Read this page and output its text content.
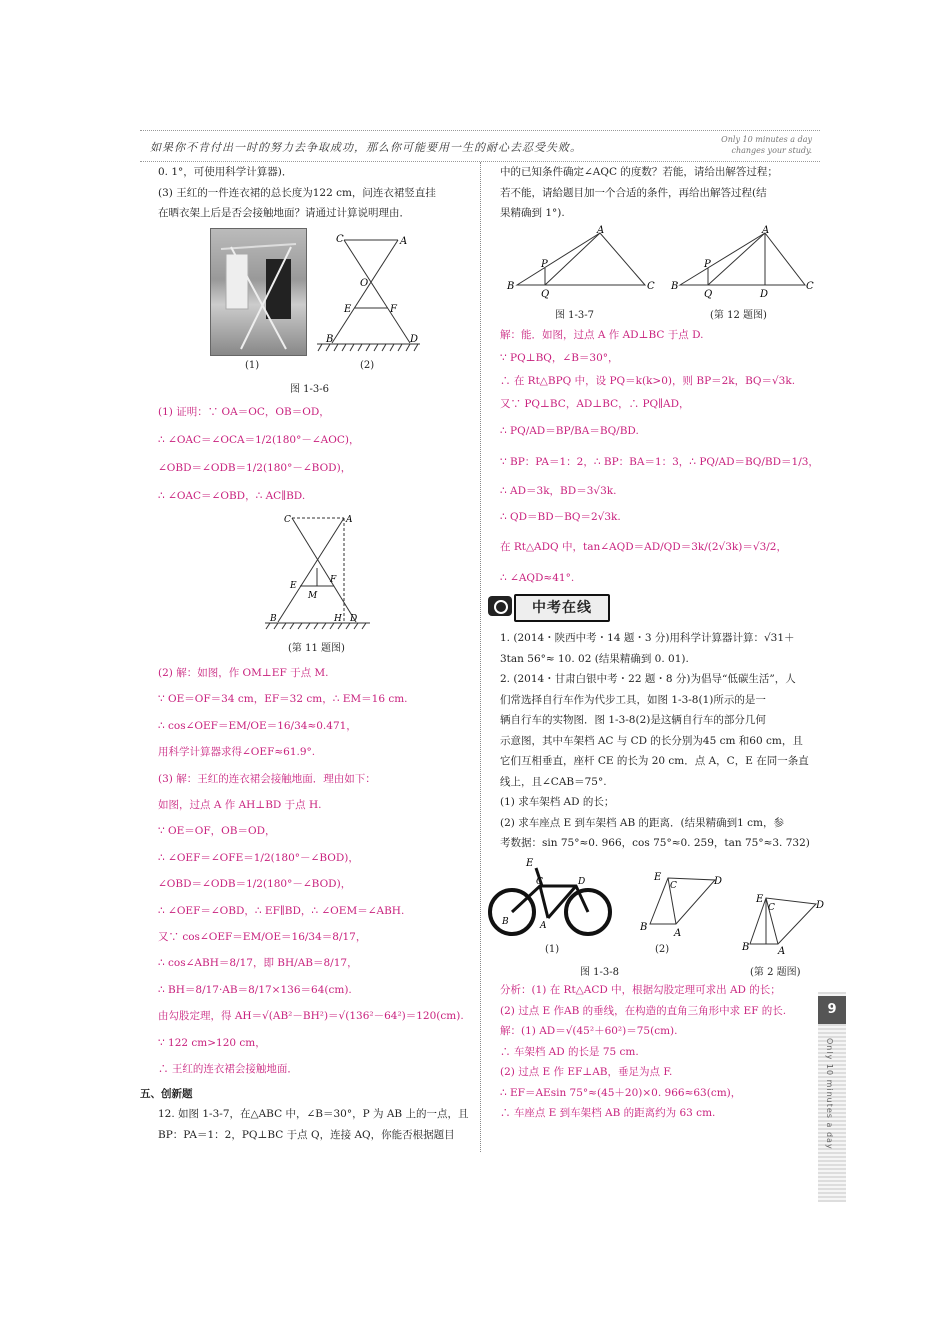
如果你不肯付出一时的努力去争取成功，那么你可能要用一生的耐心去忍受失败。
Only 10 minutes a day changes your study.

0. 1°，可使用科学计算器)．

(3) 王红的一件连衣裙的总长度为122 cm，问连衣裙竖直挂

在晒衣架上后是否会接触地面？请通过计算说明理由．

C	A
O
E	F
B	D
(1)	(2)
图 1-3-6

(1) 证明：∵ OA＝OC，OB＝OD，

∴ ∠OAC＝∠OCA＝1/2(180°－∠AOC)，

∠OBD＝∠ODB＝1/2(180°－∠BOD)，

∴ ∠OAC＝∠OBD，∴ AC∥BD.

C	A
E
F
M
B	H D
(第 11 题图)

(2) 解：如图，作 OM⊥EF 于点 M.

∵ OE＝OF＝34 cm，EF＝32 cm，∴ EM＝16 cm.

∴ cos∠OEF＝EM/OE＝16/34≈0.471，

用科学计算器求得∠OEF≈61.9°.

(3) 解：王红的连衣裙会接触地面．理由如下：

如图，过点 A 作 AH⊥BD 于点 H.

∵ OE＝OF，OB＝OD，

∴ ∠OEF＝∠OFE＝1/2(180°－∠BOD)，

∠OBD＝∠ODB＝1/2(180°－∠BOD)，

∴ ∠OEF＝∠OBD，∴ EF∥BD，∴ ∠OEM＝∠ABH.

又∵ cos∠OEF＝EM/OE＝16/34＝8/17，

∴ cos∠ABH＝8/17，即 BH/AB＝8/17，

∴ BH＝8/17·AB＝8/17×136＝64(cm).

由勾股定理，得 AH＝√(AB²－BH²)＝√(136²－64²)＝120(cm).

∵ 122 cm>120 cm，

∴ 王红的连衣裙会接触地面．

五、创新题

12. 如图 1-3-7，在△ABC 中，∠B＝30°，P 为 AB 上的一点，且

BP：PA＝1：2，PQ⊥BC 于点 Q，连接 AQ，你能否根据题目

中的已知条件确定∠AQC 的度数？若能，请给出解答过程；

若不能，请給题目加一个合适的条件，再给出解答过程(结

果精确到 1°).

B
A
C
P
Q
B
A
C
P
Q	D
图 1-3-7	(第 12 题图)

解：能．如图，过点 A 作 AD⊥BC 于点 D.

∵ PQ⊥BQ，∠B＝30°，

∴ 在 Rt△BPQ 中，设 PQ＝k(k>0)，则 BP＝2k，BQ＝√3k.

又∵ PQ⊥BC，AD⊥BC，∴ PQ∥AD，

∴ PQ/AD＝BP/BA＝BQ/BD.

∵ BP：PA＝1：2，∴ BP：BA＝1：3，∴ PQ/AD＝BQ/BD＝1/3，

∴ AD＝3k，BD＝3√3k.

∴ QD＝BD－BQ＝2√3k.

在 Rt△ADQ 中，tan∠AQD＝AD/QD＝3k/(2√3k)＝√3/2，

∴ ∠AQD≈41°.

中考在线

1. (2014・陕西中考・14 题・3 分)用科学计算器计算：√31＋

3tan 56°≈ 10. 02 (结果精确到 0. 01).

2. (2014・甘肃白银中考・22 题・8 分)为倡导“低碳生活”，人

们常选择自行车作为代步工具，如图 1-3-8(1)所示的是一

辆自行车的实物图．图 1-3-8(2)是这辆自行车的部分几何

示意图，其中车架档 AC 与 CD 的长分别为45 cm 和60 cm，且

它们互相垂直，座杆 CE 的长为 20 cm．点 A，C，E 在同一条直

线上，且∠CAB＝75°.

(1) 求车架档 AD 的长；

(2) 求车座点 E 到车架档 AB 的距离．(结果精确到1 cm，参

考数据：sin 75°≈0. 966，cos 75°≈0. 259，tan 75°≈3. 732)

E
C	D
B	A
E
C	D
B
A
E
C	D
B	A
(1)	(2)
图 1-3-8	(第 2 题图)

分析：(1) 在 Rt△ACD 中，根据勾股定理可求出 AD 的长；

(2) 过点 E 作AB 的垂线，在构造的直角三角形中求 EF 的长.

解：(1) AD＝√(45²＋60²)＝75(cm).

∴ 车架档 AD 的长是 75 cm.

(2) 过点 E 作 EF⊥AB，垂足为点 F.

∴ EF＝AEsin 75°≈(45＋20)×0. 966≈63(cm)，

∴ 车座点 E 到车架档 AB 的距离约为 63 cm.

9
Only 10 minutes a day
